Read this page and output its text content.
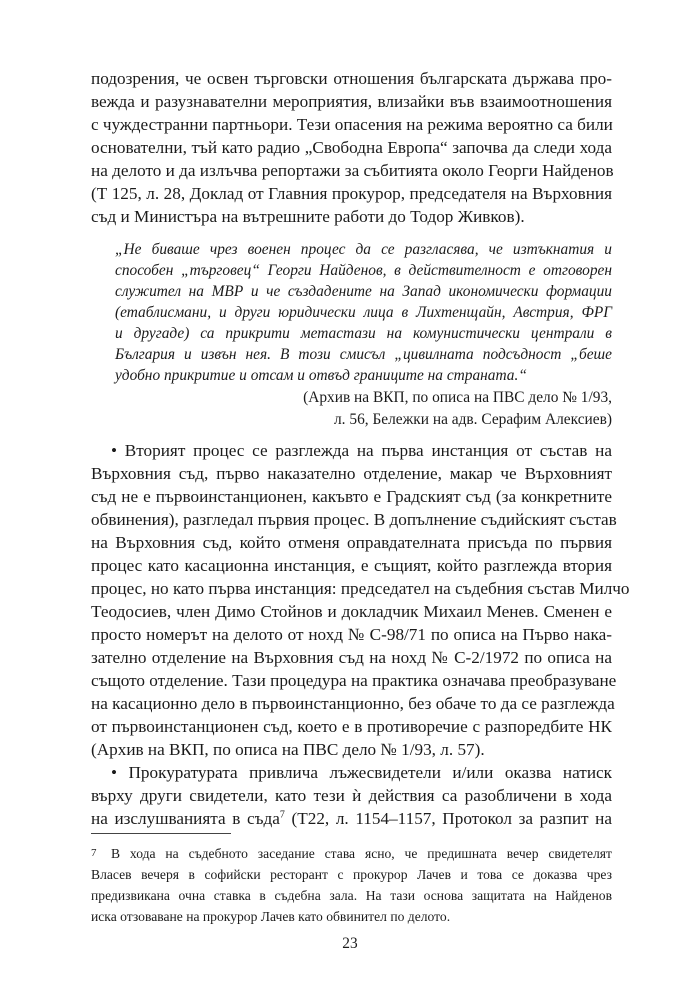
подозрения, че освен търговски отношения българската държава про-
вежда и разузнавателни мероприятия, влизайки във взаимоотношения
с чуждестранни партньори. Тези опасения на режима вероятно са били
основателни, тъй като радио „Свободна Европа“ започва да следи хода
на делото и да излъчва репортажи за събитията около Георги Найденов
(Т 125, л. 28, Доклад от Главния прокурор, председателя на Върховния
съд и Министъра на вътрешните работи до Тодор Живков).
„Не биваше чрез военен процес да се разгласява, че изтъкнатия и
способен „търговец“ Георги Найденов, в действителност е отговорен
служител на МВР и че създадените на Запад икономически формации
(етаблисмани, и други юридически лица в Лихтенщайн, Австрия, ФРГ
и другаде) са прикрити метастази на комунистически централи в
България и извън нея. В този смисъл „цивилната подсъдност „беше
удобно прикритие и отсам и отвъд границите на страната.“
(Архив на ВКП, по описа на ПВС дело № 1/93,
л. 56, Бележки на адв. Серафим Алексиев)
• Вторият процес се разглежда на първа инстанция от състав на
Върховния съд, първо наказателно отделение, макар че Върховният
съд не е първоинстанционен, какъвто е Градският съд (за конкретните
обвинения), разгледал първия процес. В допълнение съдийският състав
на Върховния съд, който отменя оправдателната присъда по първия
процес като касационна инстанция, е същият, който разглежда втория
процес, но като първа инстанция: председател на съдебния състав Милчо
Теодосиев, член Димо Стойнов и докладчик Михаил Менев. Сменен е
просто номерът на делото от нохд № С-98/71 по описа на Първо нака-
зателно отделение на Върховния съд на нохд № С-2/1972 по описа на
същото отделение. Тази процедура на практика означава преобразуване
на касационно дело в първоинстанционно, без обаче то да се разглежда
от първоинстанционен съд, което е в противоречие с разпоредбите НК
(Архив на ВКП, по описа на ПВС дело № 1/93, л. 57).
• Прокуратурата привлича лъжесвидетели и/или оказва натиск
върху други свидетели, като тези ѝ действия са разобличени в хода
на изслушванията в съда$^7$ (Т22, л. 1154–1157, Протокол за разпит на
7 В хода на съдебното заседание става ясно, че предишната вечер свидетелят
Власев вечеря в софийски ресторант с прокурор Лачев и това се доказва чрез
предизвикана очна ставка в съдебна зала. На тази основа защитата на Найденов
иска отзоваване на прокурор Лачев като обвинител по делото.
23
